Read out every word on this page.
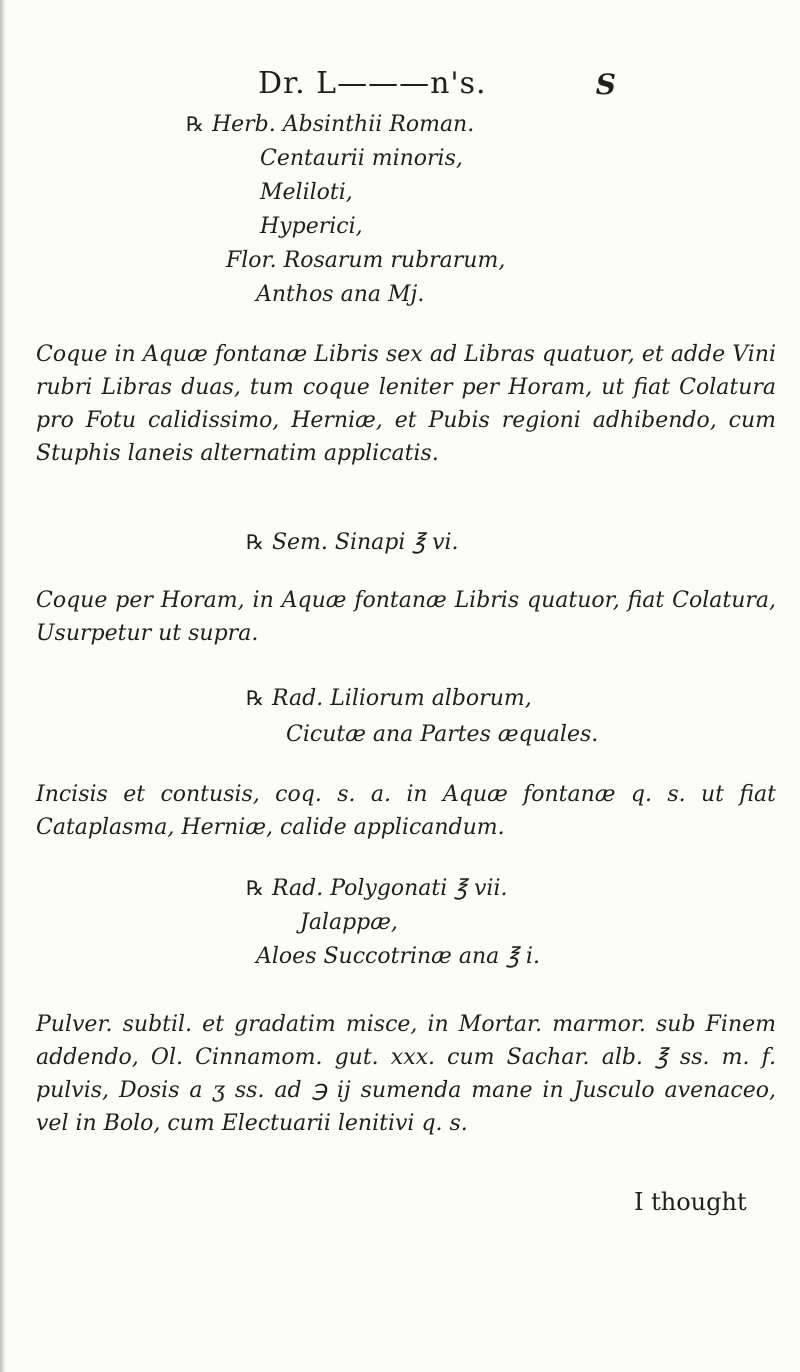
Dr. L———n's.	S
℞ Herb. Absinthii Roman.
Centaurii minoris,
Meliloti,
Hyperici,
Flor. Rosarum rubrarum,
Anthos ana Mj.
Coque in Aquæ fontanæ Libris sex ad Libras quatuor, et adde Vini rubri Libras duas, tum coque leniter per Horam, ut fiat Colatura pro Fotu calidissimo, Herniæ, et Pubis regioni adhibendo, cum Stuphis laneis alternatim applicatis.
℞ Sem. Sinapi ℥ vi.
Coque per Horam, in Aquæ fontanæ Libris quatuor, fiat Colatura, Usurpetur ut supra.
℞ Rad. Liliorum alborum,
Cicutæ ana Partes æquales.
Incisis et contusis, coq. s. a. in Aquæ fontanæ q. s. ut fiat Cataplasma, Herniæ, calide applicandum.
℞ Rad. Polygonati ℥ vii.
Jalappæ,
Aloes Succotrinæ ana ℥ i.
Pulver. subtil. et gradatim misce, in Mortar. marmor. sub Finem addendo, Ol. Cinnamom. gut. xxx. cum Sachar. alb. ℥ ss. m. f. pulvis, Dosis a ʒ ss. ad ℈ ij sumenda mane in Jusculo avenaceo, vel in Bolo, cum Electuarii lenitivi q. s.
I thought
